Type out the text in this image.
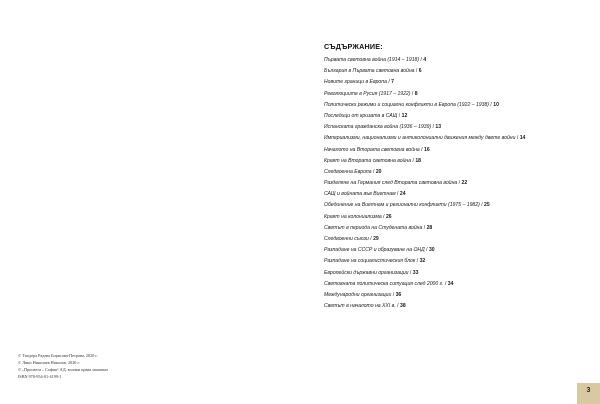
© Тиодора Радева Борисова-Петрова, 2020 г.
© Лино Николаев Николов, 2020 г.
© „Просвета – София“ АД, всички права запазени
ISBN 978-954-01-4199-1
СЪДЪРЖАНИЕ:
Първата световна война (1914 – 1918) / 4
България в Първата световна война / 6
Новите граници в Европа / 7
Революциите в Русия (1917 – 1922) / 8
Политически режими и социални конфликти в Европа (1922 – 1938) / 10
Последици от кризата в САЩ / 12
Испанската гражданска война (1936 – 1939) / 13
Империализми, национализми и антиколониални движения между двете войни / 14
Началото на Втората световна война / 16
Краят на Втората световна война / 18
Следвоенна Европа / 20
Разделяне на Германия след Втората световна война / 22
САЩ и войната във Виетнам / 24
Обединение на Виетнам и регионални конфликти (1975 – 1982) / 25
Краят на колониализма / 26
Светът в периода на Студената война / 28
Следвоенни съюзи / 29
Разпадане на СССР и образуване на ОНД / 30
Разпадане на социалистическия блок / 32
Европейски държавни организации / 33
Световната политическа ситуация след 2000 г. / 34
Международни организации / 36
Светът в началото на XXI в. / 38
3
